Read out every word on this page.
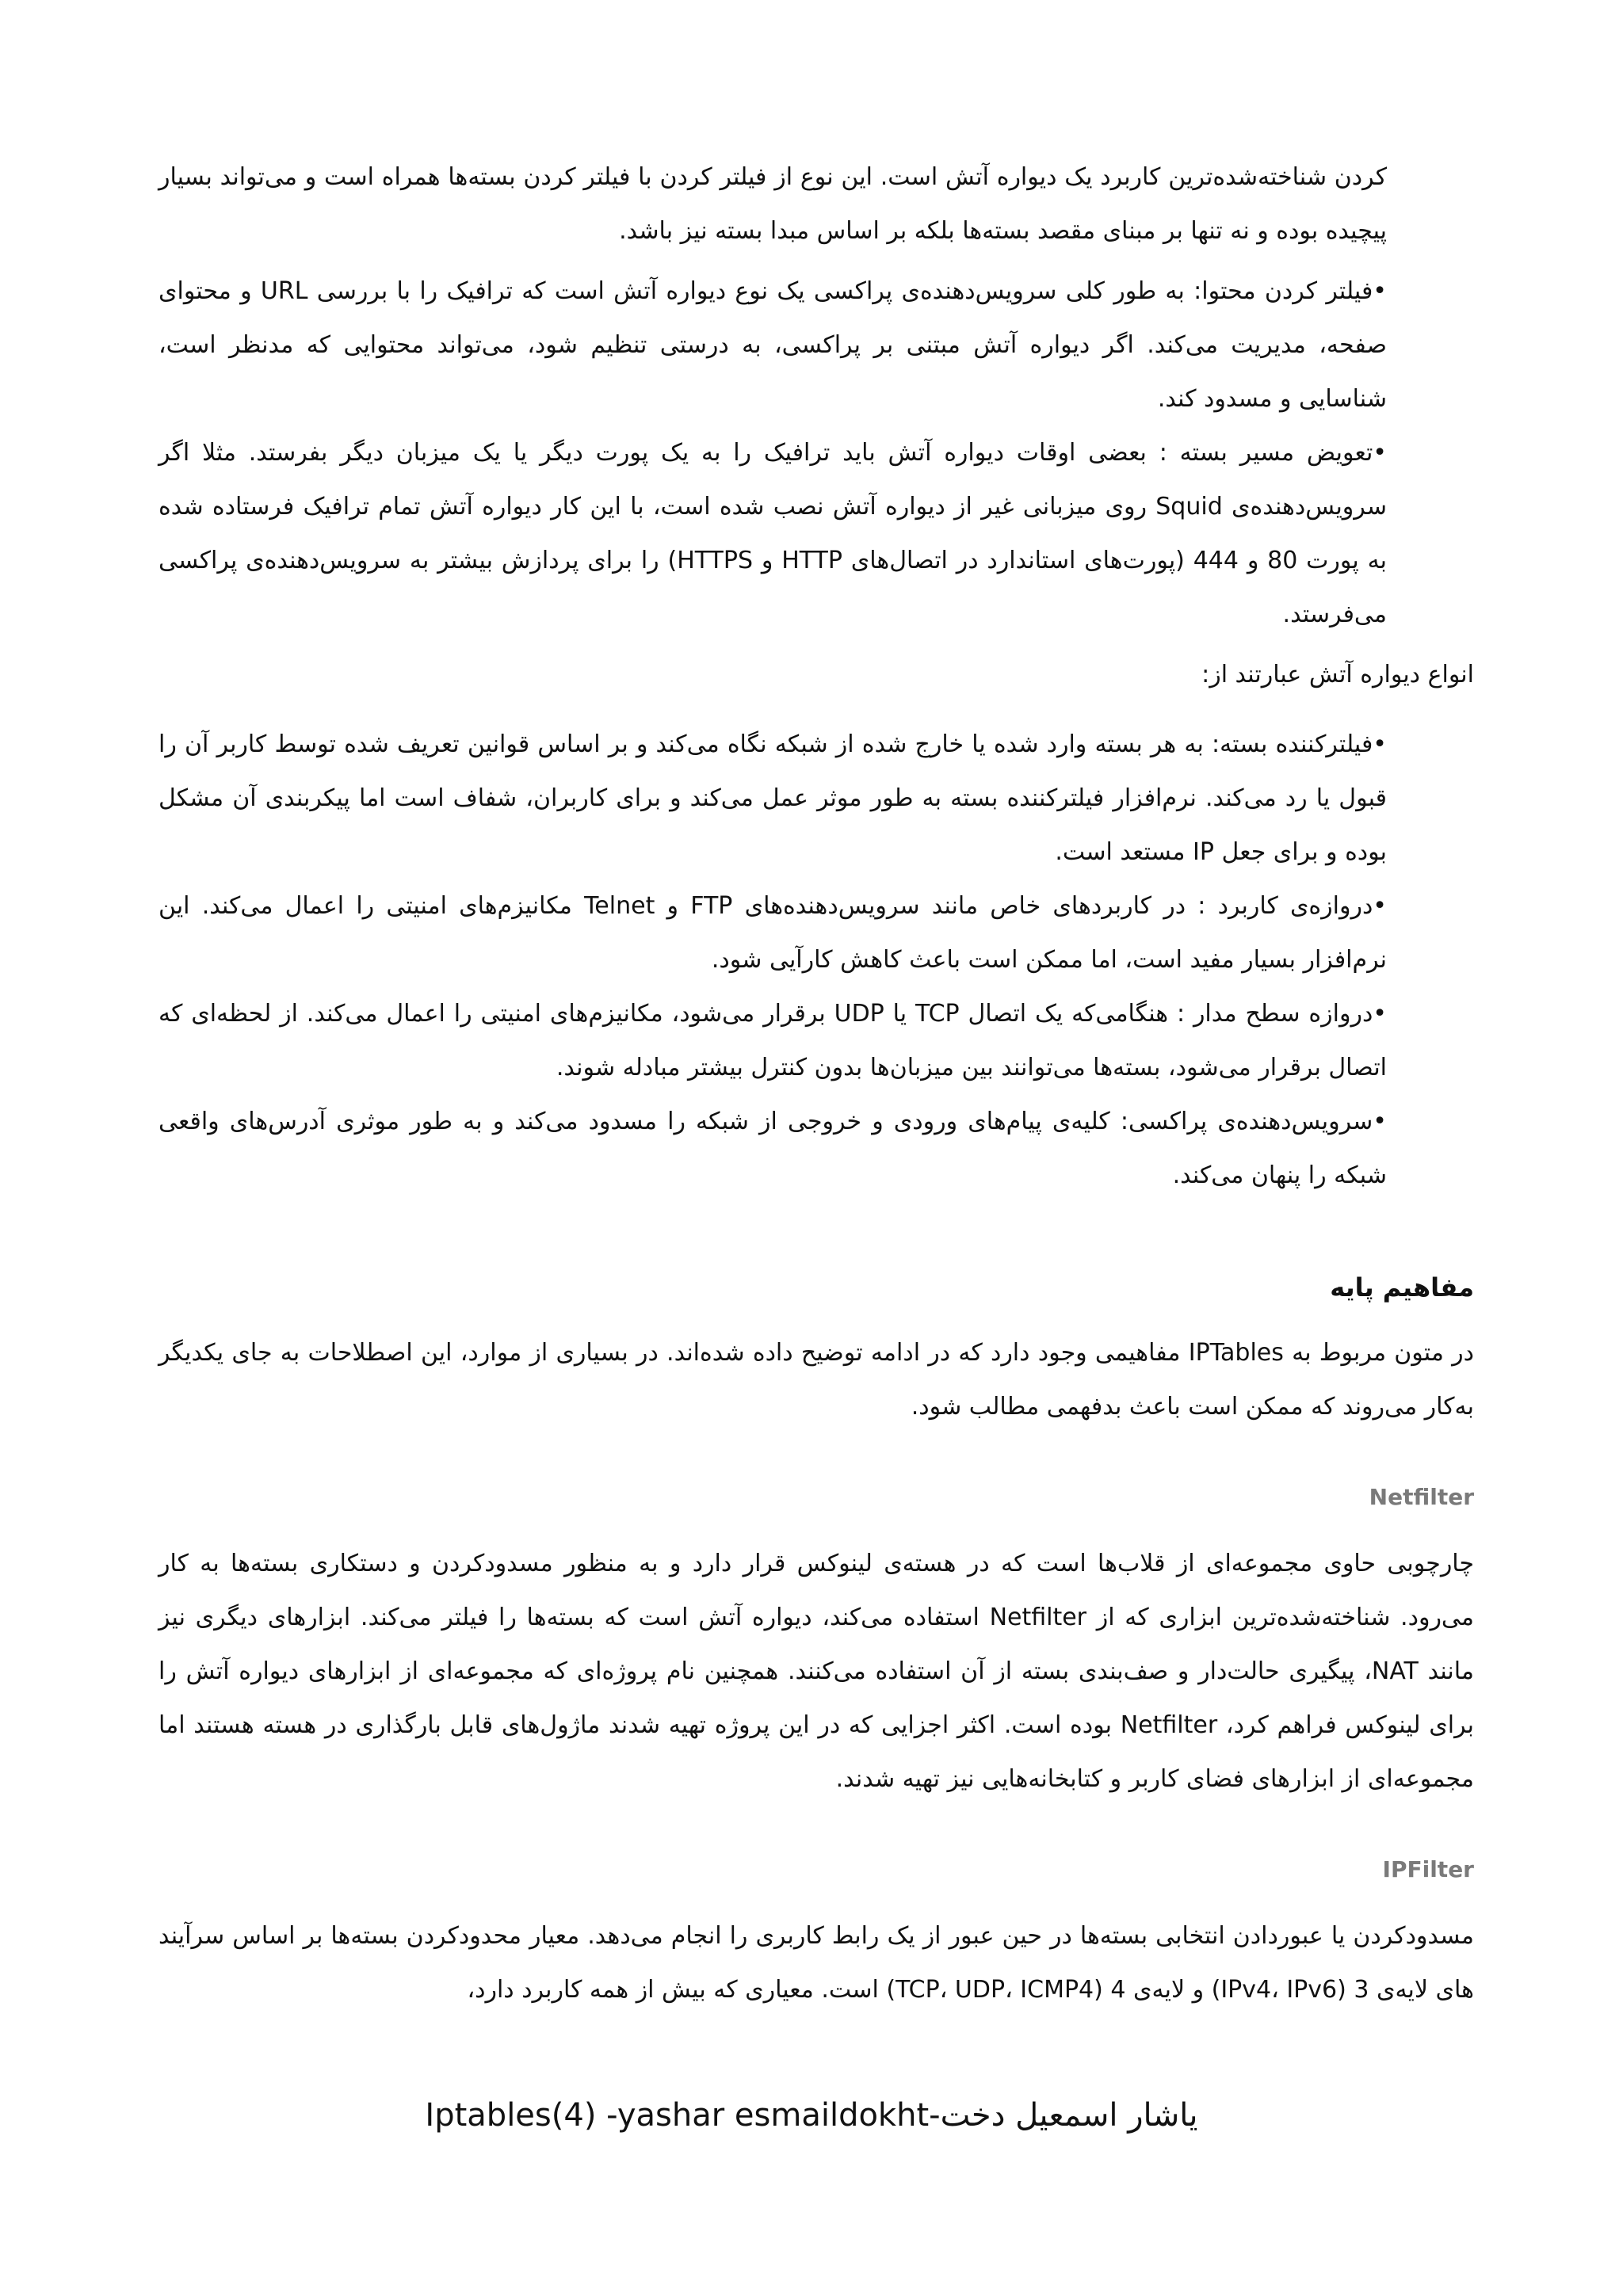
کردن شناخته‌شده‌ترین کاربرد یک دیواره آتش است. این نوع از فیلتر کردن با فیلتر کردن بسته‌ها همراه است و می‌تواند بسیار پیچیده بوده و نه تنها بر مبنای مقصد بسته‌ها بلکه بر اساس مبدا بسته نیز باشد.

•فیلتر کردن محتوا: به طور کلی سرویس‌دهنده‌ی پراکسی یک نوع دیواره آتش است که ترافیک را با بررسی URL و محتوای صفحه، مدیریت می‌کند. اگر دیواره آتش مبتنی بر پراکسی، به درستی تنظیم شود، می‌تواند محتوایی که مدنظر است، شناسایی و مسدود کند.

•تعویض مسیر بسته : بعضی اوقات دیواره آتش باید ترافیک را به یک پورت دیگر یا یک میزبان دیگر بفرستد. مثلا اگر سرویس‌دهنده‌ی Squid روی میزبانی غیر از دیواره آتش نصب شده است، با این کار دیواره آتش تمام ترافیک فرستاده شده به پورت 80 و 444 (پورت‌های استاندارد در اتصال‌های HTTP و HTTPS) را برای پردازش بیشتر به سرویس‌دهنده‌ی پراکسی می‌فرستد.

انواع دیواره آتش عبارتند از:

•فیلترکننده بسته: به هر بسته وارد شده یا خارج شده از شبکه نگاه می‌کند و بر اساس قوانین تعریف شده توسط کاربر آن را قبول یا رد می‌کند. نرم‌افزار فیلترکننده بسته به طور موثر عمل می‌کند و برای کاربران، شفاف است اما پیکربندی آن مشکل بوده و برای جعل IP مستعد است.

•دروازه‌ی کاربرد : در کاربردهای خاص مانند سرویس‌دهنده‌های FTP و Telnet مکانیزم‌های امنیتی را اعمال می‌کند. این نرم‌افزار بسیار مفید است، اما ممکن است باعث کاهش کارآیی شود.

•دروازه سطح مدار : هنگامی‌که یک اتصال TCP یا UDP برقرار می‌شود، مکانیزم‌های امنیتی را اعمال می‌کند. از لحظه‌ای که اتصال برقرار می‌شود، بسته‌ها می‌توانند بین میزبان‌ها بدون کنترل بیشتر مبادله شوند.

•سرویس‌دهنده‌ی پراکسی: کلیه‌ی پیام‌های ورودی و خروجی از شبکه را مسدود می‌کند و به طور موثری آدرس‌های واقعی شبکه را پنهان می‌کند.

مفاهیم پایه

در متون مربوط به IPTables مفاهیمی وجود دارد که در ادامه توضیح داده شده‌اند. در بسیاری از موارد، این اصطلاحات به جای یکدیگر به‌کار می‌روند که ممکن است باعث بدفهمی مطالب شود.

Netfilter

چارچوبی حاوی مجموعه‌ای از قلاب‌ها است که در هسته‌ی لینوکس قرار دارد و به منظور مسدودکردن و دستکاری بسته‌ها به کار می‌رود. شناخته‌شده‌ترین ابزاری که از Netfilter استفاده می‌کند، دیواره آتش است که بسته‌ها را فیلتر می‌کند. ابزارهای دیگری نیز مانند NAT، پیگیری حالت‌دار و صف‌بندی بسته از آن استفاده می‌کنند. همچنین نام پروژه‌ای که مجموعه‌ای از ابزارهای دیواره آتش را برای لینوکس فراهم کرد، Netfilter بوده است. اکثر اجزایی که در این پروژه تهیه شدند ماژول‌های قابل بارگذاری در هسته هستند اما مجموعه‌ای از ابزارهای فضای کاربر و کتابخانه‌هایی نیز تهیه شدند.

IPFilter

مسدودکردن یا عبوردادن انتخابی بسته‌ها در حین عبور از یک رابط کاربری را انجام می‌دهد. معیار محدودکردن بسته‌ها بر اساس سرآیند های لایه‌ی 3 (IPv4، IPv6) و لایه‌ی 4 (TCP، UDP، ICMP4) است. معیاری که بیش از همه کاربرد دارد،

Iptables(4) -yashar esmaildokht-یاشار اسمعیل دخت
